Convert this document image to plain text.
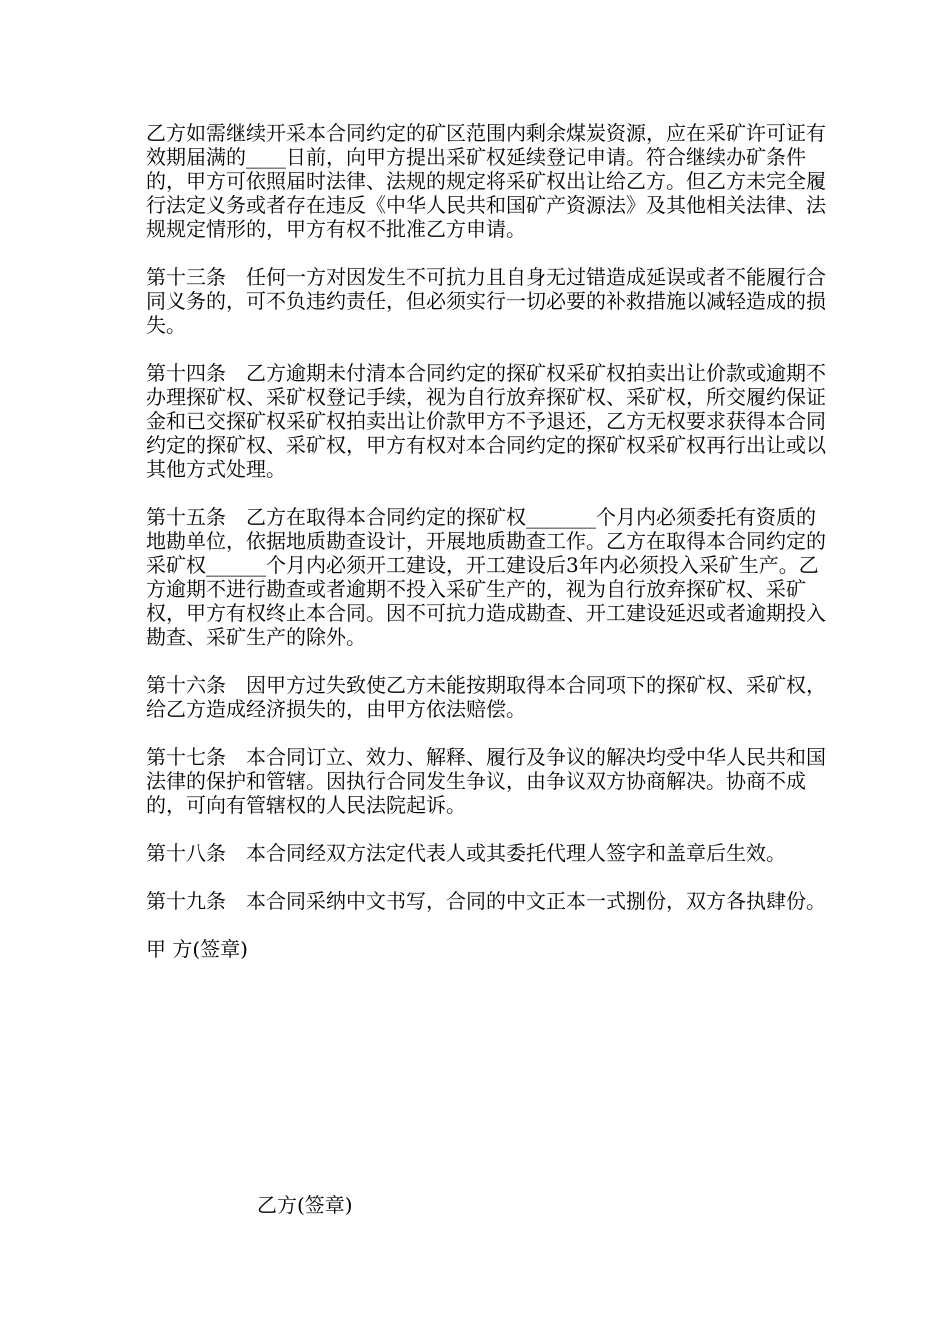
乙方如需继续开采本合同约定的矿区范围内剩余煤炭资源，应在采矿许可证有效期届满的____日前，向甲方提出采矿权延续登记申请。符合继续办矿条件的，甲方可依照届时法律、法规的规定将采矿权出让给乙方。但乙方未完全履行法定义务或者存在违反《中华人民共和国矿产资源法》及其他相关法律、法规规定情形的，甲方有权不批准乙方申请。

第十三条　任何一方对因发生不可抗力且自身无过错造成延误或者不能履行合同义务的，可不负违约责任，但必须实行一切必要的补救措施以减轻造成的损失。

第十四条　乙方逾期未付清本合同约定的探矿权采矿权拍卖出让价款或逾期不办理探矿权、采矿权登记手续，视为自行放弃探矿权、采矿权，所交履约保证金和已交探矿权采矿权拍卖出让价款甲方不予退还，乙方无权要求获得本合同约定的探矿权、采矿权，甲方有权对本合同约定的探矿权采矿权再行出让或以其他方式处理。

第十五条　乙方在取得本合同约定的探矿权_______个月内必须委托有资质的地勘单位，依据地质勘查设计，开展地质勘查工作。乙方在取得本合同约定的采矿权______个月内必须开工建设，开工建设后3年内必须投入采矿生产。乙方逾期不进行勘查或者逾期不投入采矿生产的，视为自行放弃探矿权、采矿权，甲方有权终止本合同。因不可抗力造成勘查、开工建设延迟或者逾期投入勘查、采矿生产的除外。

第十六条　因甲方过失致使乙方未能按期取得本合同项下的探矿权、采矿权，给乙方造成经济损失的，由甲方依法赔偿。

第十七条　本合同订立、效力、解释、履行及争议的解决均受中华人民共和国法律的保护和管辖。因执行合同发生争议，由争议双方协商解决。协商不成的，可向有管辖权的人民法院起诉。

第十八条　本合同经双方法定代表人或其委托代理人签字和盖章后生效。

第十九条　本合同采纳中文书写，合同的中文正本一式捌份，双方各执肆份。

甲 方(签章)

乙方(签章)
